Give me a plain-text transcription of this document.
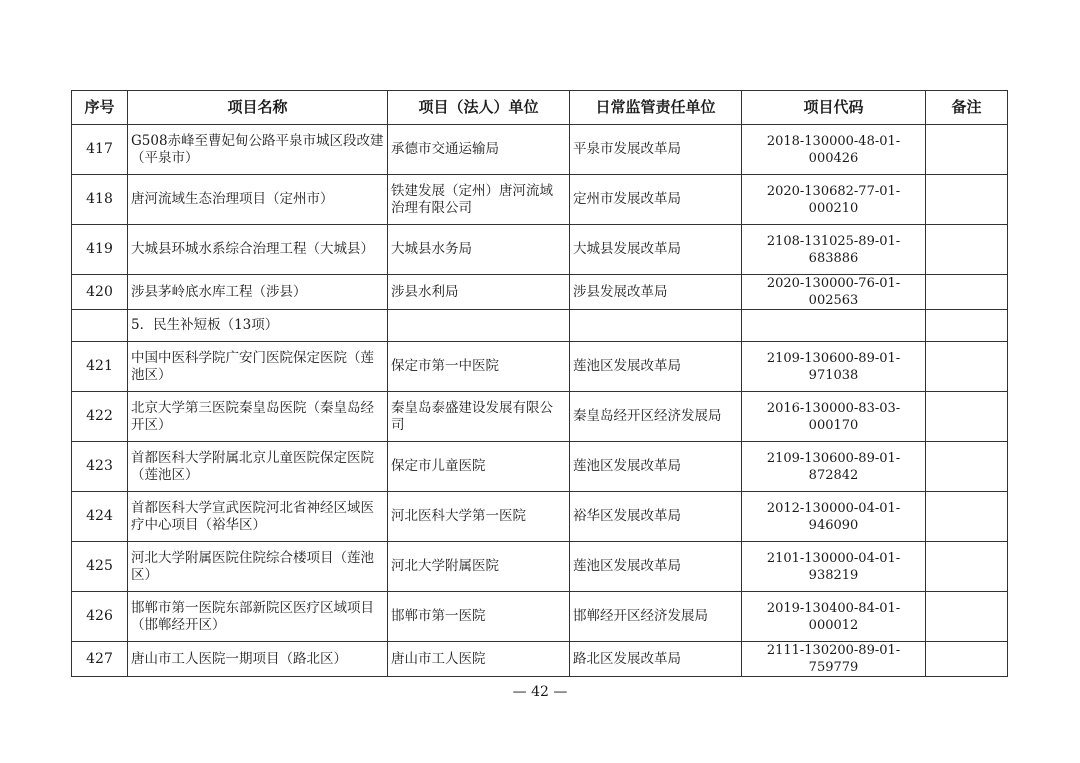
序号	项目名称	项目（法人）单位	日常监管责任单位	项目代码	备注
417	G508赤峰至曹妃甸公路平泉市城区段改建（平泉市）	承德市交通运输局	平泉市发展改革局	2018-130000-48-01-000426	
418	唐河流域生态治理项目（定州市）	铁建发展（定州）唐河流域治理有限公司	定州市发展改革局	2020-130682-77-01-000210	
419	大城县环城水系综合治理工程（大城县）	大城县水务局	大城县发展改革局	2108-131025-89-01-683886	
420	涉县茅岭底水库工程（涉县）	涉县水利局	涉县发展改革局	2020-130000-76-01-002563	
	5．民生补短板（13项）				
421	中国中医科学院广安门医院保定医院（莲池区）	保定市第一中医院	莲池区发展改革局	2109-130600-89-01-971038	
422	北京大学第三医院秦皇岛医院（秦皇岛经开区）	秦皇岛泰盛建设发展有限公司	秦皇岛经开区经济发展局	2016-130000-83-03-000170	
423	首都医科大学附属北京儿童医院保定医院（莲池区）	保定市儿童医院	莲池区发展改革局	2109-130600-89-01-872842	
424	首都医科大学宣武医院河北省神经区域医疗中心项目（裕华区）	河北医科大学第一医院	裕华区发展改革局	2012-130000-04-01-946090	
425	河北大学附属医院住院综合楼项目（莲池区）	河北大学附属医院	莲池区发展改革局	2101-130000-04-01-938219	
426	邯郸市第一医院东部新院区医疗区域项目（邯郸经开区）	邯郸市第一医院	邯郸经开区经济发展局	2019-130400-84-01-000012	
427	唐山市工人医院一期项目（路北区）	唐山市工人医院	路北区发展改革局	2111-130200-89-01-759779	
— 42 —
